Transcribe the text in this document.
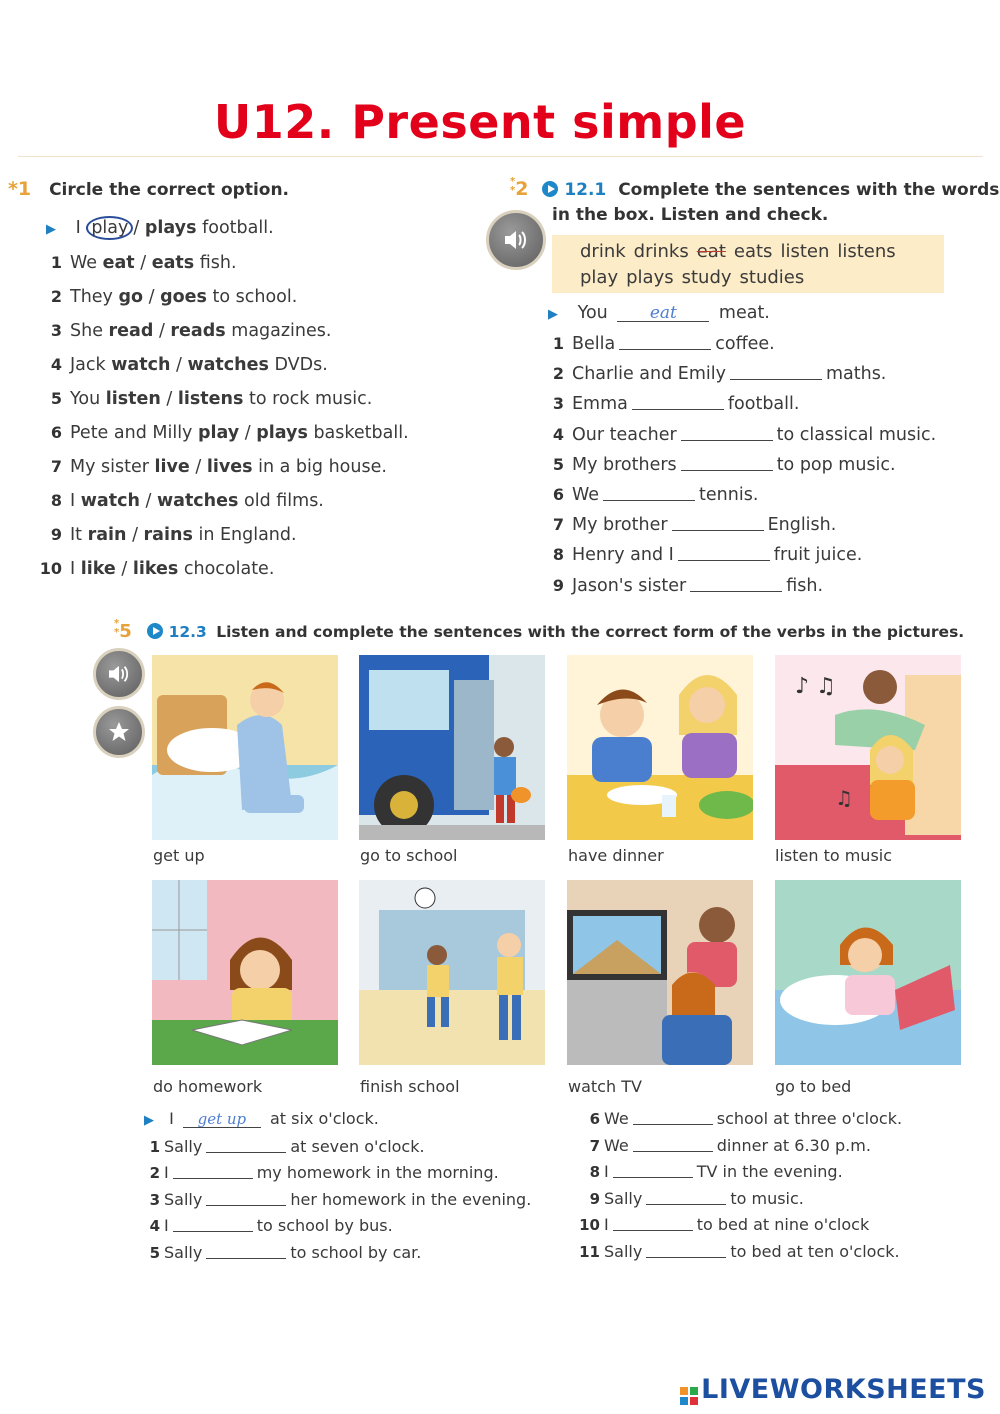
U12. Present simple
*1 Circle the correct option.
▶ I play / plays football.
1 We eat / eats fish.
2 They go / goes to school.
3 She read / reads magazines.
4 Jack watch / watches DVDs.
5 You listen / listens to rock music.
6 Pete and Milly play / plays basketball.
7 My sister live / lives in a big house.
8 I watch / watches old films.
9 It rain / rains in England.
10 I like / likes chocolate.
*
*2 12.1 Complete the sentences with the words
in the box. Listen and check.
drink drinks eat eats listen listens
play plays study studies
▶ You eat meat.
1 Bella	coffee.
2 Charlie and Emily	maths.
3 Emma	football.
4 Our teacher	to classical music.
5 My brothers	to pop music.
6 We	tennis.
7 My brother	English.
8 Henry and I	fruit juice.
9 Jason's sister	fish.
*
*5 12.3 Listen and complete the sentences with the correct form of the verbs in the pictures.
♪ ♫
♫
get up	go to school	have dinner	listen to music
do homework	finish school	watch TV	go to bed
▶ I get up at six o'clock.
1 Sally	at seven o'clock.
2 I	my homework in the morning.
3 Sally	her homework in the evening.
4 I	to school by bus.
5 Sally	to school by car.
6 We	school at three o'clock.
7 We	dinner at 6.30 p.m.
8 I	TV in the evening.
9 Sally	to music.
10 I	to bed at nine o'clock
11 Sally	to bed at ten o'clock.
LIVEWORKSHEETS
